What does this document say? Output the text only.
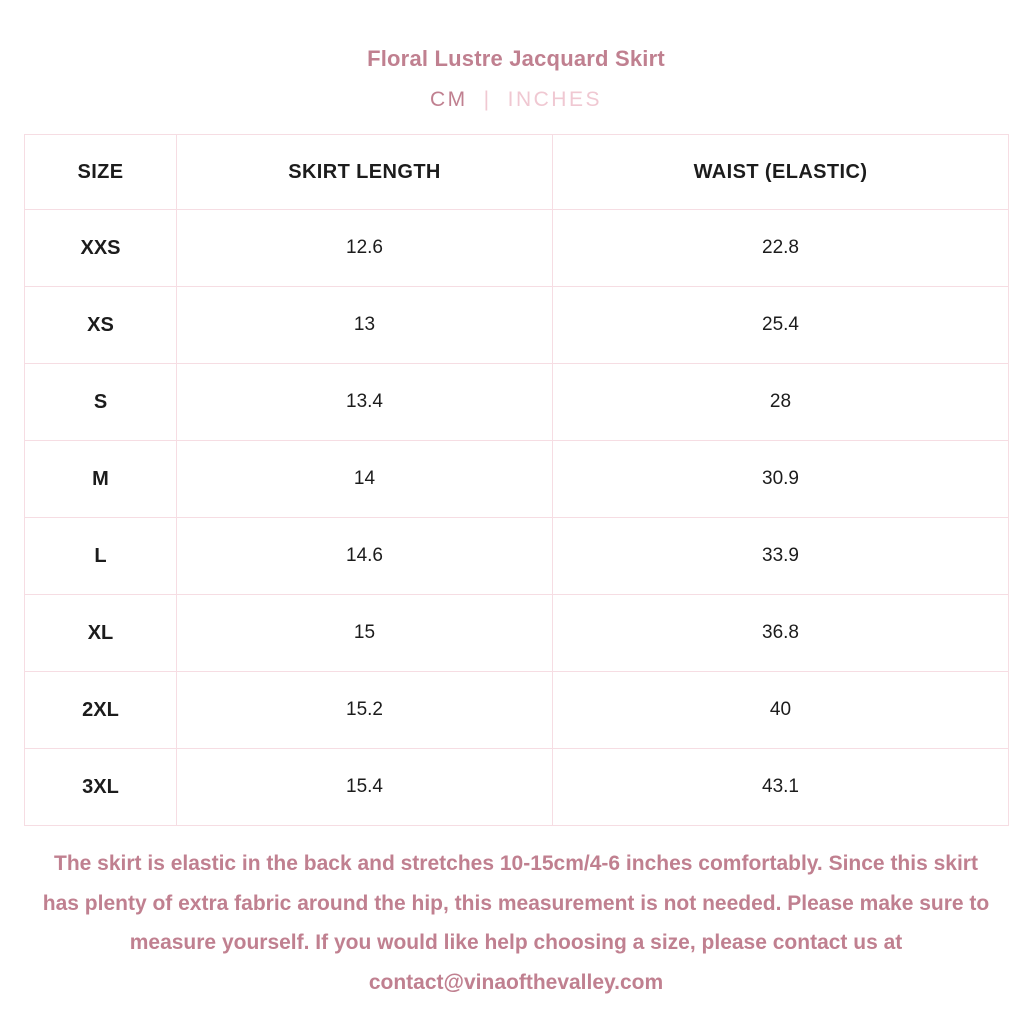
Floral Lustre Jacquard Skirt
CM | INCHES
SIZE	SKIRT LENGTH	WAIST (ELASTIC)
XXS	12.6	22.8
XS	13	25.4
S	13.4	28
M	14	30.9
L	14.6	33.9
XL	15	36.8
2XL	15.2	40
3XL	15.4	43.1
The skirt is elastic in the back and stretches 10-15cm/4-6 inches comfortably. Since this skirt has plenty of extra fabric around the hip, this measurement is not needed. Please make sure to measure yourself. If you would like help choosing a size, please contact us at contact@vinaofthevalley.com
